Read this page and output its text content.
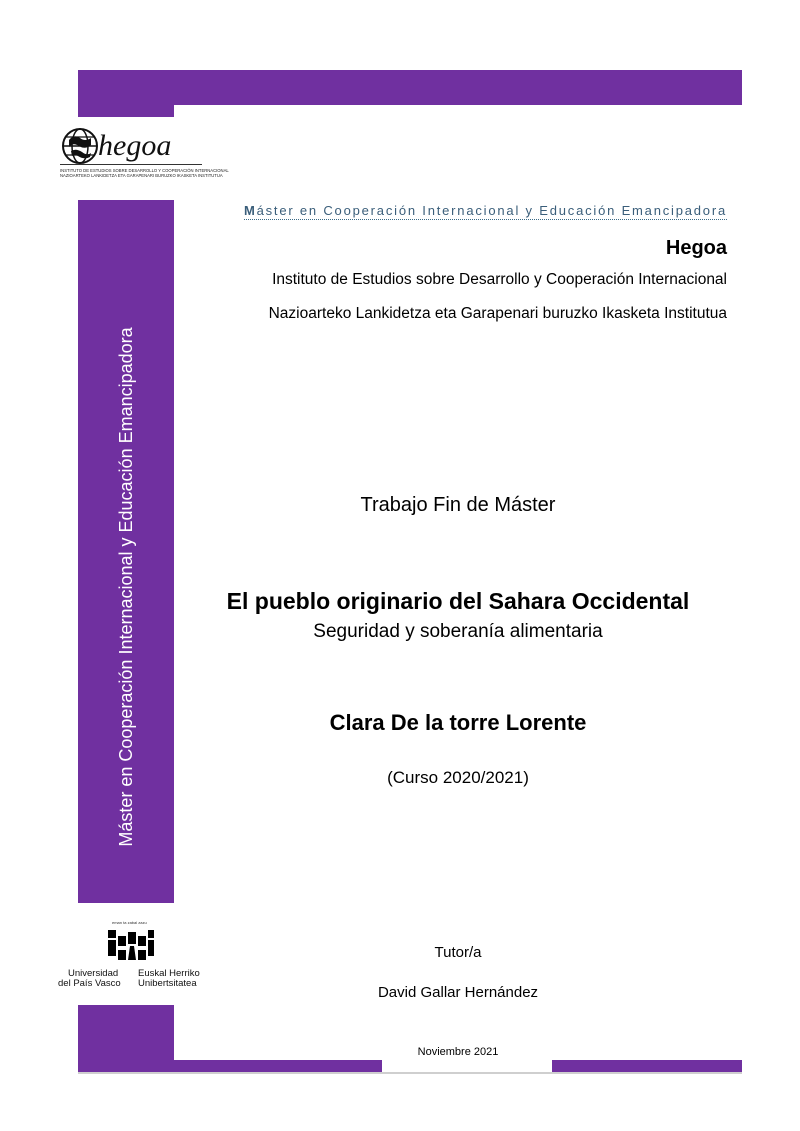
Máster en Cooperación Internacional y Educación Emancipadora
hegoa
INSTITUTO DE ESTUDIOS SOBRE DESARROLLO Y COOPERACIÓN INTERNACIONAL
NAZIOARTEKO LANKIDETZA ETA GARAPENARI BURUZKO IKASKETA INSTITUTUA
Máster en Cooperación Internacional y Educación Emancipadora
Hegoa
Instituto de Estudios sobre Desarrollo y Cooperación Internacional
Nazioarteko Lankidetza eta Garapenari buruzko Ikasketa Institutua
Trabajo Fin de Máster
El pueblo originario del Sahara Occidental
Seguridad y soberanía alimentaria
Clara De la torre Lorente
(Curso 2020/2021)
Tutor/a
David Gallar Hernández
Noviembre 2021
eman ta zabal zazu
Universidad
del País Vasco
Euskal Herriko
Unibertsitatea
